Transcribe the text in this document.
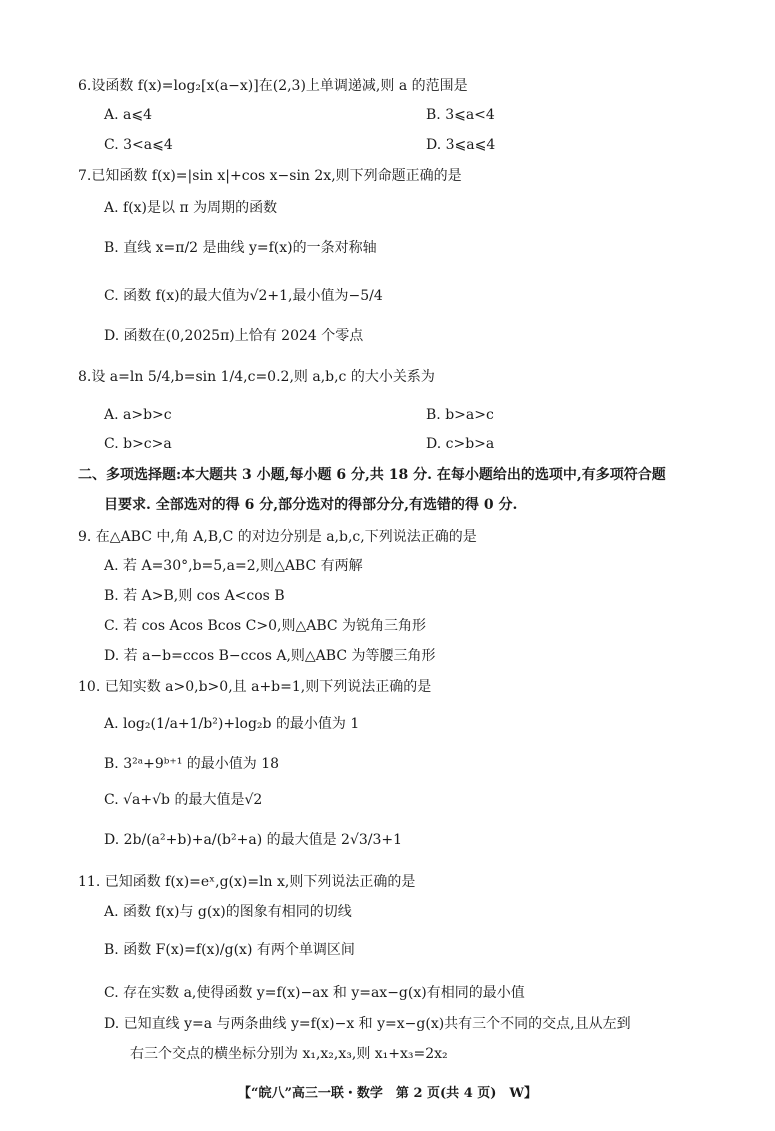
6.设函数 f(x)=log₂[x(a−x)]在(2,3)上单调递减,则 a 的范围是
A. a⩽4	B. 3⩽a<4
C. 3<a⩽4	D. 3⩽a⩽4
7.已知函数 f(x)=|sin x|+cos x−sin 2x,则下列命题正确的是
A. f(x)是以 π 为周期的函数
B. 直线 x=π/2 是曲线 y=f(x)的一条对称轴
C. 函数 f(x)的最大值为√2+1,最小值为−5/4
D. 函数在(0,2025π)上恰有 2024 个零点
8.设 a=ln 5/4,b=sin 1/4,c=0.2,则 a,b,c 的大小关系为
A. a>b>c	B. b>a>c
C. b>c>a	D. c>b>a
二、多项选择题:本大题共 3 小题,每小题 6 分,共 18 分. 在每小题给出的选项中,有多项符合题
目要求. 全部选对的得 6 分,部分选对的得部分分,有选错的得 0 分.
9. 在△ABC 中,角 A,B,C 的对边分别是 a,b,c,下列说法正确的是
A. 若 A=30°,b=5,a=2,则△ABC 有两解
B. 若 A>B,则 cos A<cos B
C. 若 cos Acos Bcos C>0,则△ABC 为锐角三角形
D. 若 a−b=ccos B−ccos A,则△ABC 为等腰三角形
10. 已知实数 a>0,b>0,且 a+b=1,则下列说法正确的是
A. log₂(1/a+1/b²)+log₂b 的最小值为 1
B. 3²ᵃ+9ᵇ⁺¹ 的最小值为 18
C. √a+√b 的最大值是√2
D. 2b/(a²+b)+a/(b²+a) 的最大值是 2√3/3+1
11. 已知函数 f(x)=eˣ,g(x)=ln x,则下列说法正确的是
A. 函数 f(x)与 g(x)的图象有相同的切线
B. 函数 F(x)=f(x)/g(x) 有两个单调区间
C. 存在实数 a,使得函数 y=f(x)−ax 和 y=ax−g(x)有相同的最小值
D. 已知直线 y=a 与两条曲线 y=f(x)−x 和 y=x−g(x)共有三个不同的交点,且从左到
右三个交点的横坐标分别为 x₁,x₂,x₃,则 x₁+x₃=2x₂
【“皖八”高三一联・数学　第 2 页(共 4 页)　W】
